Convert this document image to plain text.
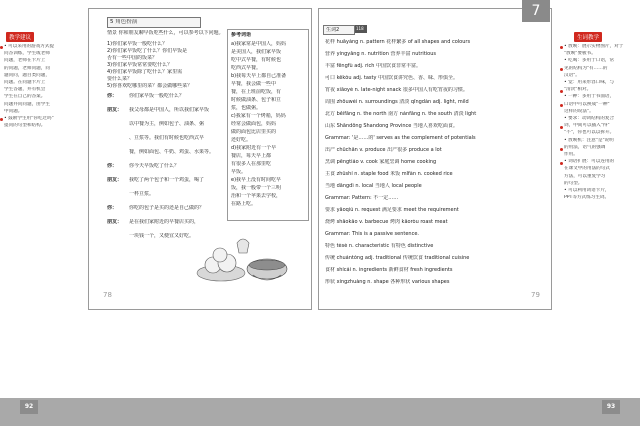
教学建议
• 可以采用的游戏方式提
问答训练，学生或老师
问题，老师在卡片上
的问题，老师问题，问
题问问，题目类问题，
问题。在问题卡片上
学生答题，并有机会
学生在自己的答案。
问题并问问题，由学生
中问题。
• 鼓励学生用"你吃过吗"
提问的句型和结构。
5 角色扮演
情景 你和朋友聊早饭吃些什么，可以参考以下问题。
1)你们家早饭一般吃什么？
2)你们家早饭吃了什么？你们早饭是
否有一些中国的饭菜？
3)你们家早饭常常要吃什么？
4)你们家早饭除了吃什么？家里需
要什么菜？
5)你喜欢吃哪里的菜？都会做哪些菜？
你： 你们家早饭一般吃什么？
朋友： 我父母都是中国人，所以我们家早饭
以中餐为主，例如包子、油条、粥
、豆浆等。我们有时候也吃西式早
餐，例如面包、牛奶、鸡蛋、水果等。
你： 你今天早饭吃了什么？
朋友： 我吃了两个包子和一个鸡蛋，喝了
一杯豆浆。
你： 你吃的包子是买的还是自己做的？
朋友： 是在我们家附近的早餐店买的，
一块钱一个，又便宜又好吃。
参考词语
a)我家常是中国人，妈妈
是美国人，我们家早饭
吃中式早餐，有时候也
吃西式早餐。
b)我每天早上都自己准备
早餐，我会做一些中
餐，在上班前吃饭，有
时候做油条、包子和豆
浆，也做粥。
c)我家有一个烤箱，妈妈
经常会做面包，妈妈
做的面包比店里买的
还好吃。
d)我家附近有一个早
餐店，每天早上都
有很多人在那里吃
早饭。
e)我早上没有时间吃早
饭，我一般带一个三明
治和一个苹果去学校，
在路上吃。
78
生词2	118
花样 huāyàng n. pattern 花样繁多 of all shapes and colours
营养 yíngyǎng n. nutrition 营养丰富 nutritious
丰富 fēngfù adj. rich 中国饮食非常丰富。
可口 kěkǒu adj. tasty 中国饮食讲究色、香、味、形俱全。
宵夜 xiāoyè n. late-night snack 很多中国人有吃宵夜的习惯。
周围 zhōuwéi n. surroundings 清淡 qīngdàn adj. light, mild
北方 běifāng n. the north 南方 nánfāng n. the south 清淡 light
山东 Shāndōng Shandong Province 当地人喜欢吃面食。
Grammar: '是……的' serves as the complement of potentials
出产 chūchǎn v. produce 出产很多 produce a lot
烹调 pēngtiáo v. cook 家庭烹调 home cooking
主食 zhǔshí n. staple food 米饭 mǐfàn n. cooked rice
当地 dāngdì n. local 当地人 local people
Grammar: Pattern: 不一定……
要求 yāoqiú n. request 满足要求 meet the requirement
烧烤 shāokǎo v. barbecue 烤肉 kǎoròu roast meat
Grammar: This is a passive sentence.
特色 tèsè n. characteristic 有特色 distinctive
传统 chuántǒng adj. traditional 传统饮食 traditional cuisine
食材 shícái n. ingredients 新鲜食材 fresh ingredients
形状 xíngzhuàng n. shape 各种形状 various shapes
79
7
生词教学
• 放映：展示实物图片，对于
"放映"要板书。
• 吃喝：多用于口语，常
见的结构为"有……的
汉语"。
• 觉：用来形容口味，与
"清淡"相对。
• 一种：多用于书面语，
口语中可以换成"一种"
这样的说法"。
• 要求：动词结构的复合
词，中间可以插入"得"
"不"，你也可以以拆开。
• 放映机：注意"是"说明
的用法，语气的强调
作用。
• 词语扩展：可以连用的
在课文中的用法的句式
方法，可以重复学习
的句型。
• 可以利用词语卡片，
PPT等方式练习生词。
92	93
